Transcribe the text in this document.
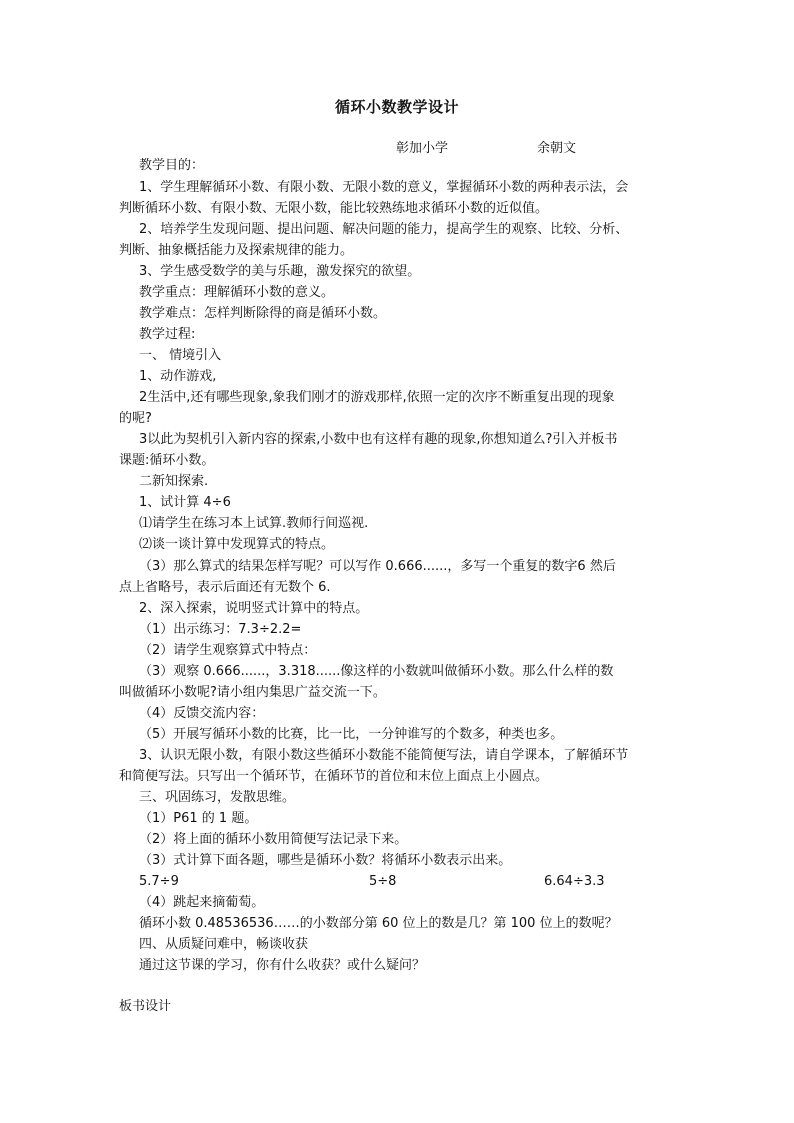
循环小数教学设计
彰加小学	余朝文
教学目的：
1、学生理解循环小数、有限小数、无限小数的意义，掌握循环小数的两种表示法，会
判断循环小数、有限小数、无限小数，能比较熟练地求循环小数的近似值。
2、培养学生发现问题、提出问题、解决问题的能力，提高学生的观察、比较、分析、
判断、抽象概括能力及探索规律的能力。
3、学生感受数学的美与乐趣，激发探究的欲望。
教学重点：理解循环小数的意义。
教学难点：怎样判断除得的商是循环小数。
教学过程:
一、 情境引入
1、动作游戏,
2生活中,还有哪些现象,象我们刚才的游戏那样,依照一定的次序不断重复出现的现象
的呢?
3以此为契机引入新内容的探索,小数中也有这样有趣的现象,你想知道么?引入并板书
课题:循环小数。
二新知探索.
1、试计算 4÷6
⑴请学生在练习本上试算.教师行间巡视.
⑵谈一谈计算中发现算式的特点。
（3）那么算式的结果怎样写呢？可以写作 0.666......，多写一个重复的数字6 然后
点上省略号，表示后面还有无数个 6.
2、深入探索，说明竖式计算中的特点。
（1）出示练习：7.3÷2.2=
（2）请学生观察算式中特点：
（3）观察 0.666......，3.318......像这样的小数就叫做循环小数。那么什么样的数
叫做循环小数呢?请小组内集思广益交流一下。
（4）反馈交流内容：
（5）开展写循环小数的比赛，比一比，一分钟谁写的个数多，种类也多。
3、认识无限小数，有限小数这些循环小数能不能简便写法，请自学课本，了解循环节
和简便写法。只写出一个循环节，在循环节的首位和末位上面点上小圆点。
三、巩固练习，发散思维。
（1）P61 的 1 题。
（2）将上面的循环小数用简便写法记录下来。
（3）式计算下面各题，哪些是循环小数？将循环小数表示出来。
5.7÷9	5÷8	6.64÷3.3
（4）跳起来摘葡萄。
循环小数 0.48536536……的小数部分第 60 位上的数是几？第 100 位上的数呢？
四、从质疑问难中，畅谈收获
通过这节课的学习，你有什么收获？或什么疑问？
板书设计
